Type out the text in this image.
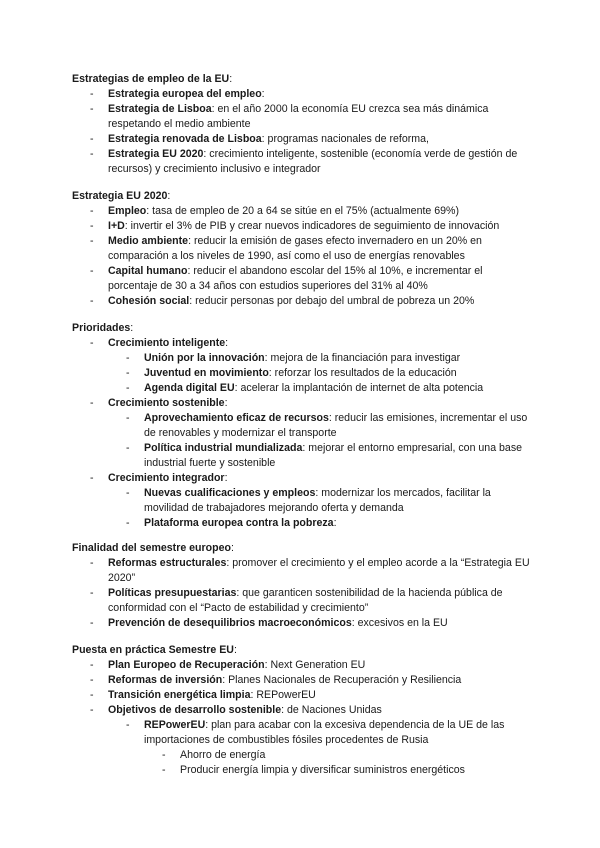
Estrategias de empleo de la EU:
- Estrategia europea del empleo:
- Estrategia de Lisboa: en el año 2000 la economía EU crezca sea más dinámica respetando el medio ambiente
- Estrategia renovada de Lisboa: programas nacionales de reforma,
- Estrategia EU 2020: crecimiento inteligente, sostenible (economía verde de gestión de recursos) y crecimiento inclusivo e integrador
Estrategia EU 2020:
- Empleo: tasa de empleo de 20 a 64 se sitúe en el 75% (actualmente 69%)
- I+D: invertir el 3% de PIB y crear nuevos indicadores de seguimiento de innovación
- Medio ambiente: reducir la emisión de gases efecto invernadero en un 20% en comparación a los niveles de 1990, así como el uso de energías renovables
- Capital humano: reducir el abandono escolar del 15% al 10%, e incrementar el porcentaje de 30 a 34 años con estudios superiores del 31% al 40%
- Cohesión social: reducir personas por debajo del umbral de pobreza un 20%
Prioridades:
- Crecimiento inteligente:
- Unión por la innovación: mejora de la financiación para investigar
- Juventud en movimiento: reforzar los resultados de la educación
- Agenda digital EU: acelerar la implantación de internet de alta potencia
- Crecimiento sostenible:
- Aprovechamiento eficaz de recursos: reducir las emisiones, incrementar el uso de renovables y modernizar el transporte
- Política industrial mundializada: mejorar el entorno empresarial, con una base industrial fuerte y sostenible
- Crecimiento integrador:
- Nuevas cualificaciones y empleos: modernizar los mercados, facilitar la movilidad de trabajadores mejorando oferta y demanda
- Plataforma europea contra la pobreza:
Finalidad del semestre europeo:
- Reformas estructurales: promover el crecimiento y el empleo acorde a la “Estrategia EU 2020”
- Políticas presupuestarias: que garanticen sostenibilidad de la hacienda pública de conformidad con el “Pacto de estabilidad y crecimiento”
- Prevención de desequilibrios macroeconómicos: excesivos en la EU
Puesta en práctica Semestre EU:
- Plan Europeo de Recuperación: Next Generation EU
- Reformas de inversión: Planes Nacionales de Recuperación y Resiliencia
- Transición energética limpia: REPowerEU
- Objetivos de desarrollo sostenible: de Naciones Unidas
- REPowerEU: plan para acabar con la excesiva dependencia de la UE de las importaciones de combustibles fósiles procedentes de Rusia
- Ahorro de energía
- Producir energía limpia y diversificar suministros energéticos
